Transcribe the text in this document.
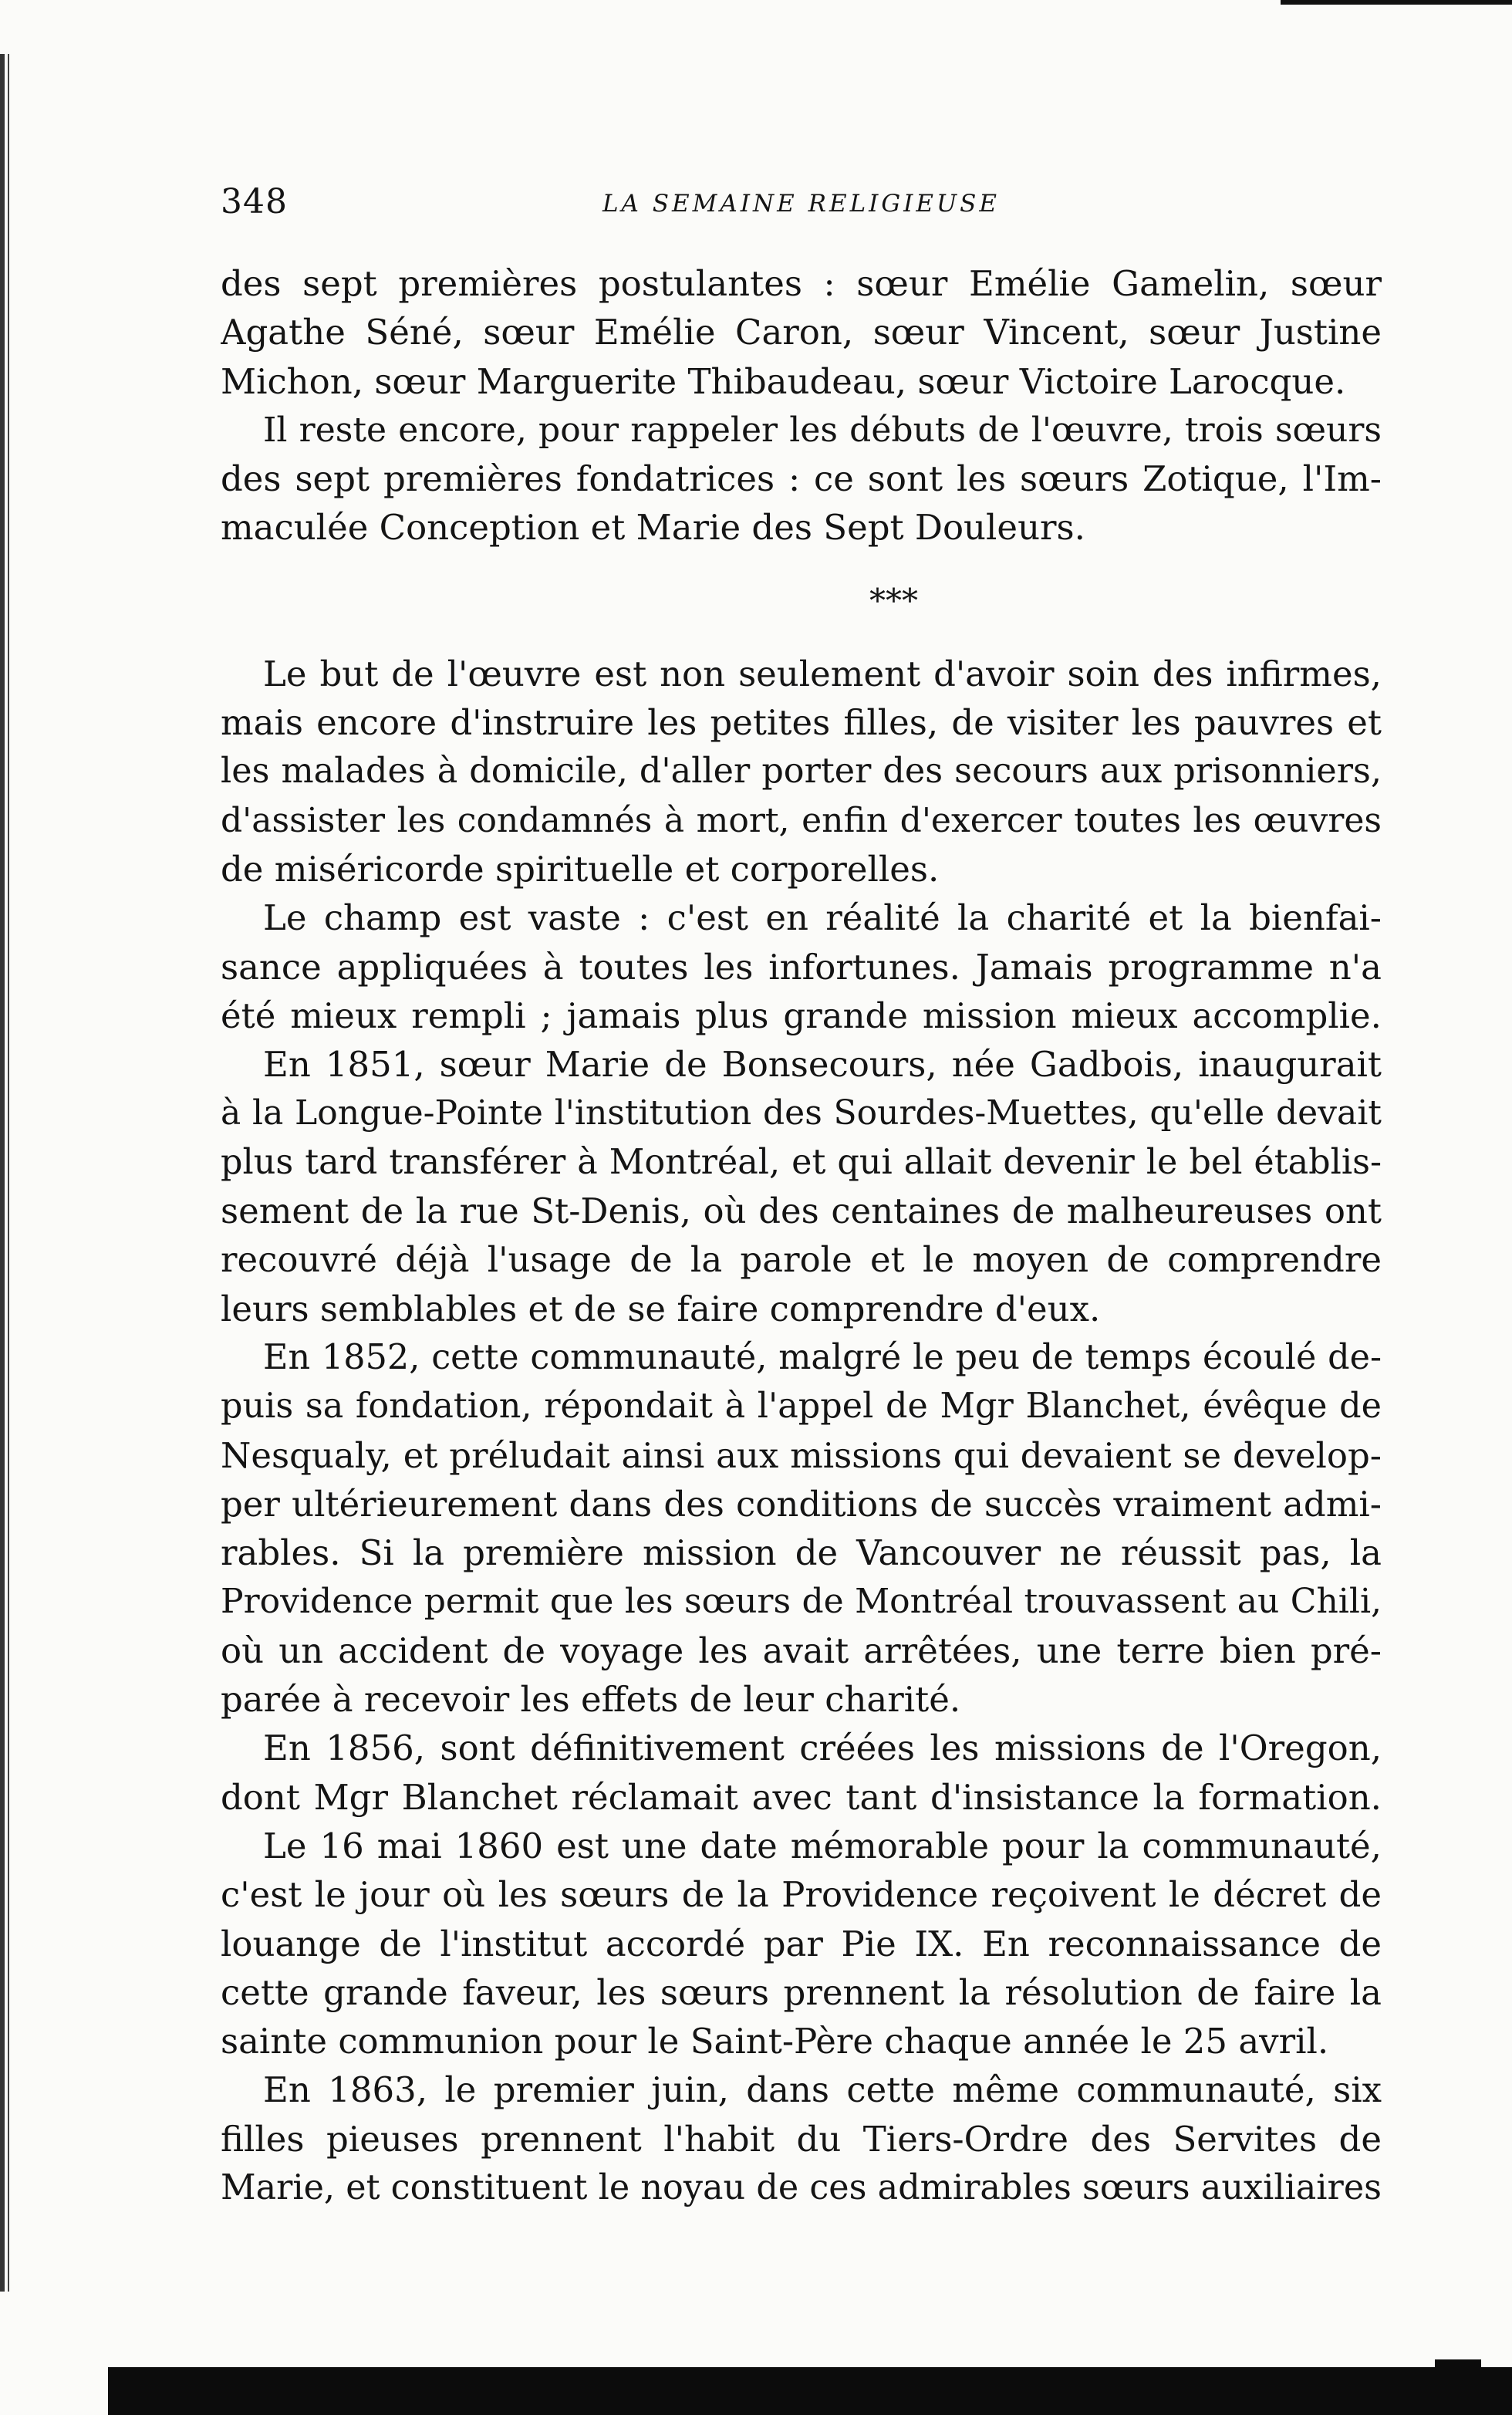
348	LA SEMAINE RELIGIEUSE
des sept premières postulantes : sœur Emélie Gamelin, sœur
Agathe Séné, sœur Emélie Caron, sœur Vincent, sœur Justine
Michon, sœur Marguerite Thibaudeau, sœur Victoire Larocque.
Il reste encore, pour rappeler les débuts de l'œuvre, trois sœurs
des sept premières fondatrices : ce sont les sœurs Zotique, l'Im-
maculée Conception et Marie des Sept Douleurs.
***
Le but de l'œuvre est non seulement d'avoir soin des infirmes,
mais encore d'instruire les petites filles, de visiter les pauvres et
les malades à domicile, d'aller porter des secours aux prisonniers,
d'assister les condamnés à mort, enfin d'exercer toutes les œuvres
de miséricorde spirituelle et corporelles.
Le champ est vaste : c'est en réalité la charité et la bienfai-
sance appliquées à toutes les infortunes. Jamais programme n'a
été mieux rempli ; jamais plus grande mission mieux accomplie.
En 1851, sœur Marie de Bonsecours, née Gadbois, inaugurait
à la Longue-Pointe l'institution des Sourdes-Muettes, qu'elle devait
plus tard transférer à Montréal, et qui allait devenir le bel établis-
sement de la rue St-Denis, où des centaines de malheureuses ont
recouvré déjà l'usage de la parole et le moyen de comprendre
leurs semblables et de se faire comprendre d'eux.
En 1852, cette communauté, malgré le peu de temps écoulé de-
puis sa fondation, répondait à l'appel de Mgr Blanchet, évêque de
Nesqualy, et préludait ainsi aux missions qui devaient se develop-
per ultérieurement dans des conditions de succès vraiment admi-
rables. Si la première mission de Vancouver ne réussit pas, la
Providence permit que les sœurs de Montréal trouvassent au Chili,
où un accident de voyage les avait arrêtées, une terre bien pré-
parée à recevoir les effets de leur charité.
En 1856, sont définitivement créées les missions de l'Oregon,
dont Mgr Blanchet réclamait avec tant d'insistance la formation.
Le 16 mai 1860 est une date mémorable pour la communauté,
c'est le jour où les sœurs de la Providence reçoivent le décret de
louange de l'institut accordé par Pie IX. En reconnaissance de
cette grande faveur, les sœurs prennent la résolution de faire la
sainte communion pour le Saint-Père chaque année le 25 avril.
En 1863, le premier juin, dans cette même communauté, six
filles pieuses prennent l'habit du Tiers-Ordre des Servites de
Marie, et constituent le noyau de ces admirables sœurs auxiliaires
